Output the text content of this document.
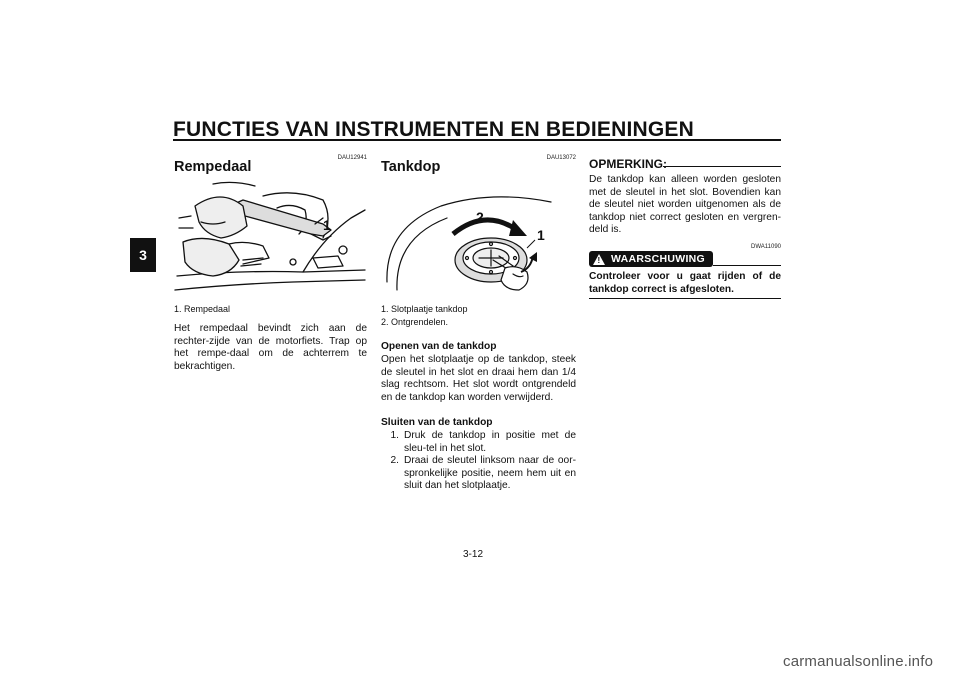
FUNCTIES VAN INSTRUMENTEN EN BEDIENINGEN
3
DAU12941
Rempedaal
1
1. Rempedaal
Het rempedaal bevindt zich aan de rechter-zijde van de motorfiets. Trap op het rempe-daal om de achterrem te bekrachtigen.
DAU13072
Tankdop
2
1
1. Slotplaatje tankdop
2. Ontgrendelen.
Openen van de tankdop
Open het slotplaatje op de tankdop, steek de sleutel in het slot en draai hem dan 1/4 slag rechtsom. Het slot wordt ontgrendeld en de tankdop kan worden verwijderd.
Sluiten van de tankdop
1. Druk de tankdop in positie met de sleu-tel in het slot.
2. Draai de sleutel linksom naar de oor-spronkelijke positie, neem hem uit en sluit dan het slotplaatje.
OPMERKING:
De tankdop kan alleen worden gesloten met de sleutel in het slot. Bovendien kan de sleutel niet worden uitgenomen als de tankdop niet correct gesloten en vergren-deld is.
DWA11090
! WAARSCHUWING
Controleer voor u gaat rijden of de tankdop correct is afgesloten.
3-12
carmanualsonline.info
